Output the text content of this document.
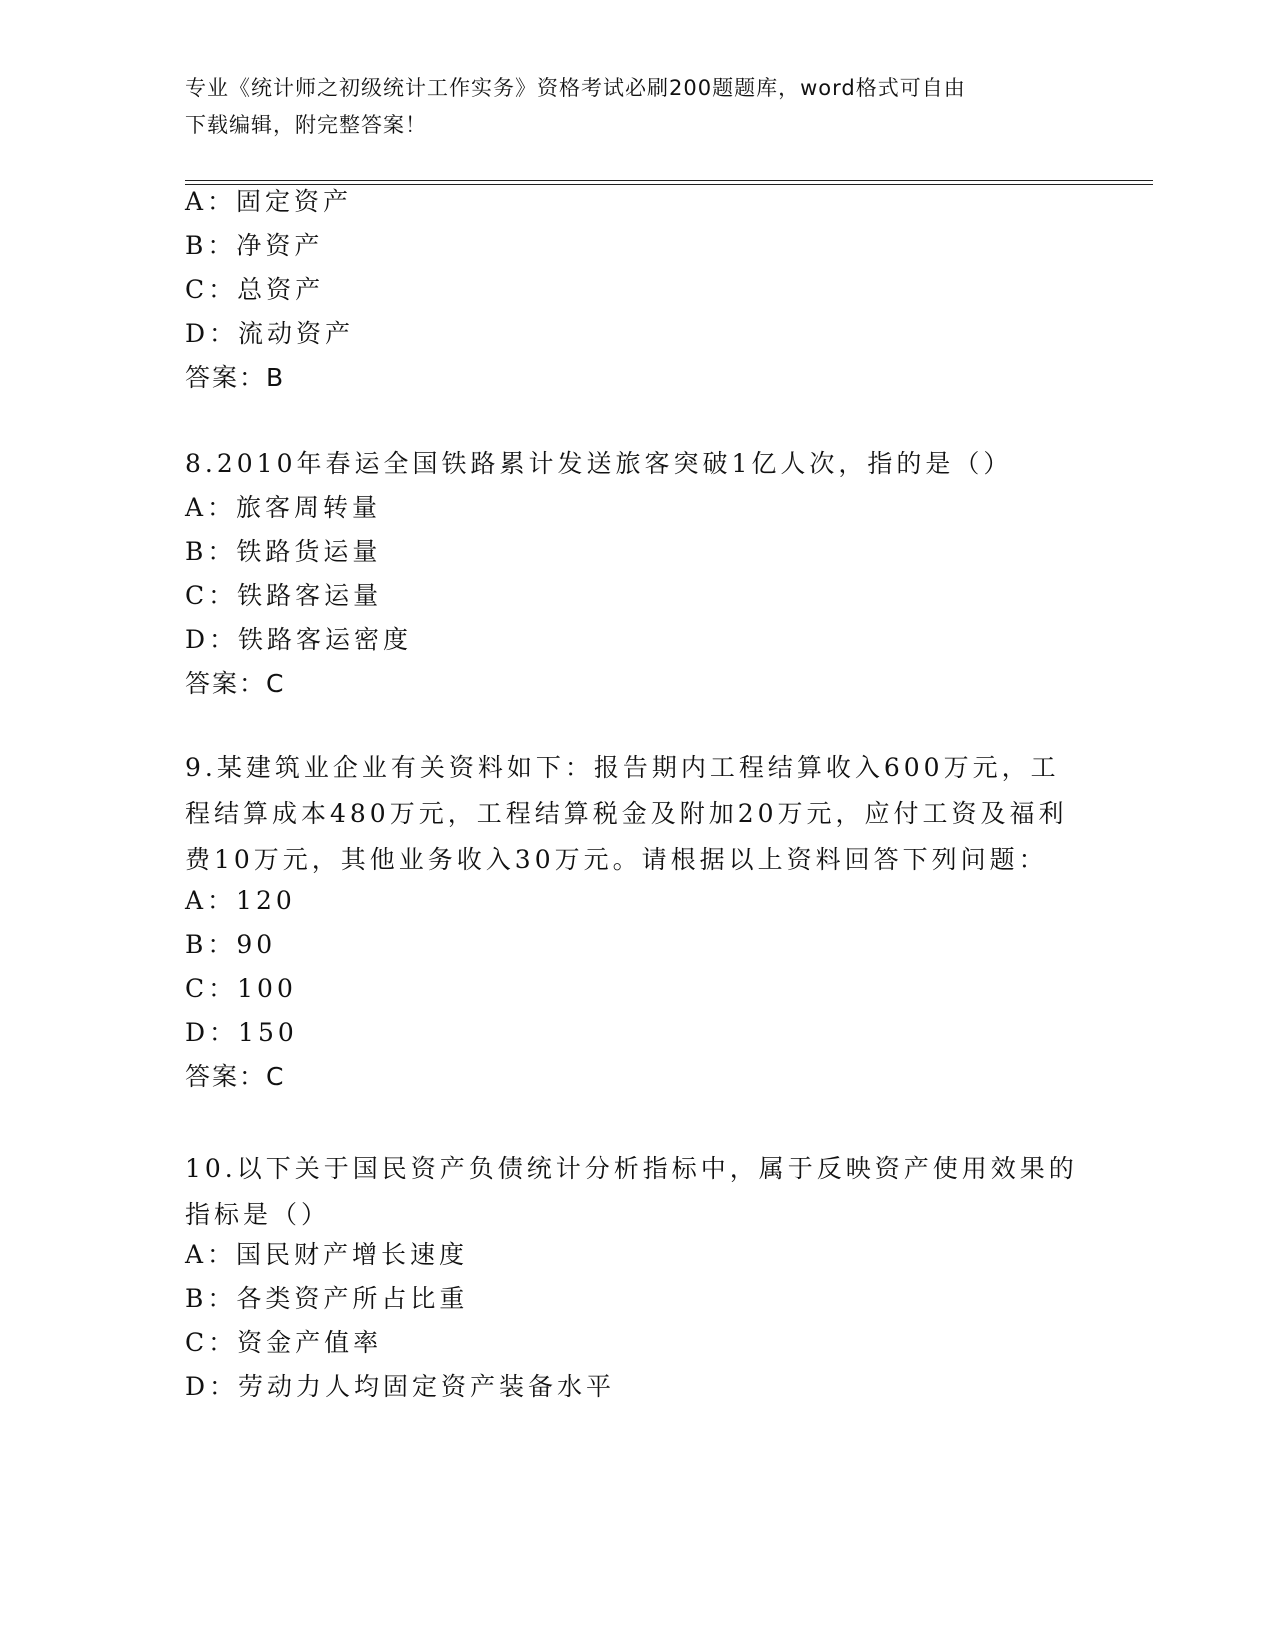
专业《统计师之初级统计工作实务》资格考试必刷200题题库，word格式可自由
下载编辑，附完整答案！
A：固定资产
B：净资产
C：总资产
D：流动资产
答案：B
8.2010年春运全国铁路累计发送旅客突破1亿人次，指的是（）
A：旅客周转量
B：铁路货运量
C：铁路客运量
D：铁路客运密度
答案：C
9.某建筑业企业有关资料如下：报告期内工程结算收入600万元，工
程结算成本480万元，工程结算税金及附加20万元，应付工资及福利
费10万元，其他业务收入30万元。请根据以上资料回答下列问题：
A：120
B：90
C：100
D：150
答案：C
10.以下关于国民资产负债统计分析指标中，属于反映资产使用效果的
指标是（）
A：国民财产增长速度
B：各类资产所占比重
C：资金产值率
D：劳动力人均固定资产装备水平
